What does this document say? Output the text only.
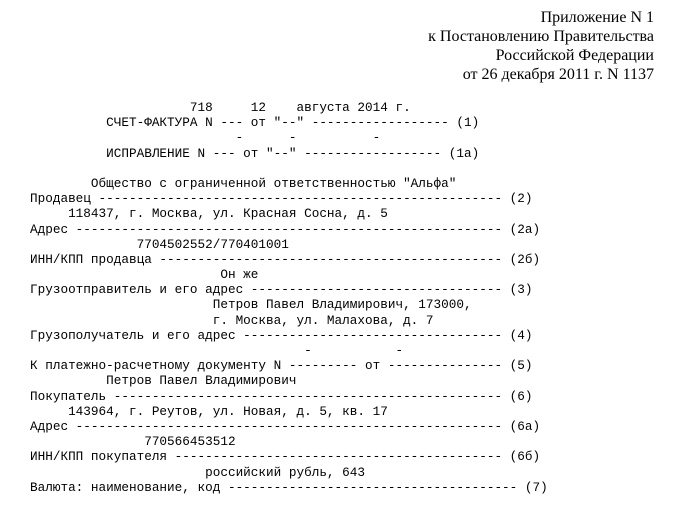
Приложение N 1
к Постановлению Правительства
Российской Федерации
от 26 декабря 2011 г. N 1137
718     12    августа 2014 г.
СЧЕТ-ФАКТУРА N --- от "--" ------------------ (1)
-      -          -
ИСПРАВЛЕНИЕ N --- от "--" ------------------ (1а)
Общество с ограниченной ответственностью "Альфа"
Продавец ----------------------------------------------------- (2)
118437, г. Москва, ул. Красная Сосна, д. 5
Адрес -------------------------------------------------------- (2а)
7704502552/770401001
ИНН/КПП продавца --------------------------------------------- (2б)
Он же
Грузоотправитель и его адрес --------------------------------- (3)
Петров Павел Владимирович, 173000,
г. Москва, ул. Малахова, д. 7
Грузополучатель и его адрес ---------------------------------- (4)
-           -
К платежно-расчетному документу N --------- от --------------- (5)
Петров Павел Владимирович
Покупатель --------------------------------------------------- (6)
143964, г. Реутов, ул. Новая, д. 5, кв. 17
Адрес -------------------------------------------------------- (6а)
770566453512
ИНН/КПП покупателя ------------------------------------------- (6б)
российский рубль, 643
Валюта: наименование, код -------------------------------------- (7)
